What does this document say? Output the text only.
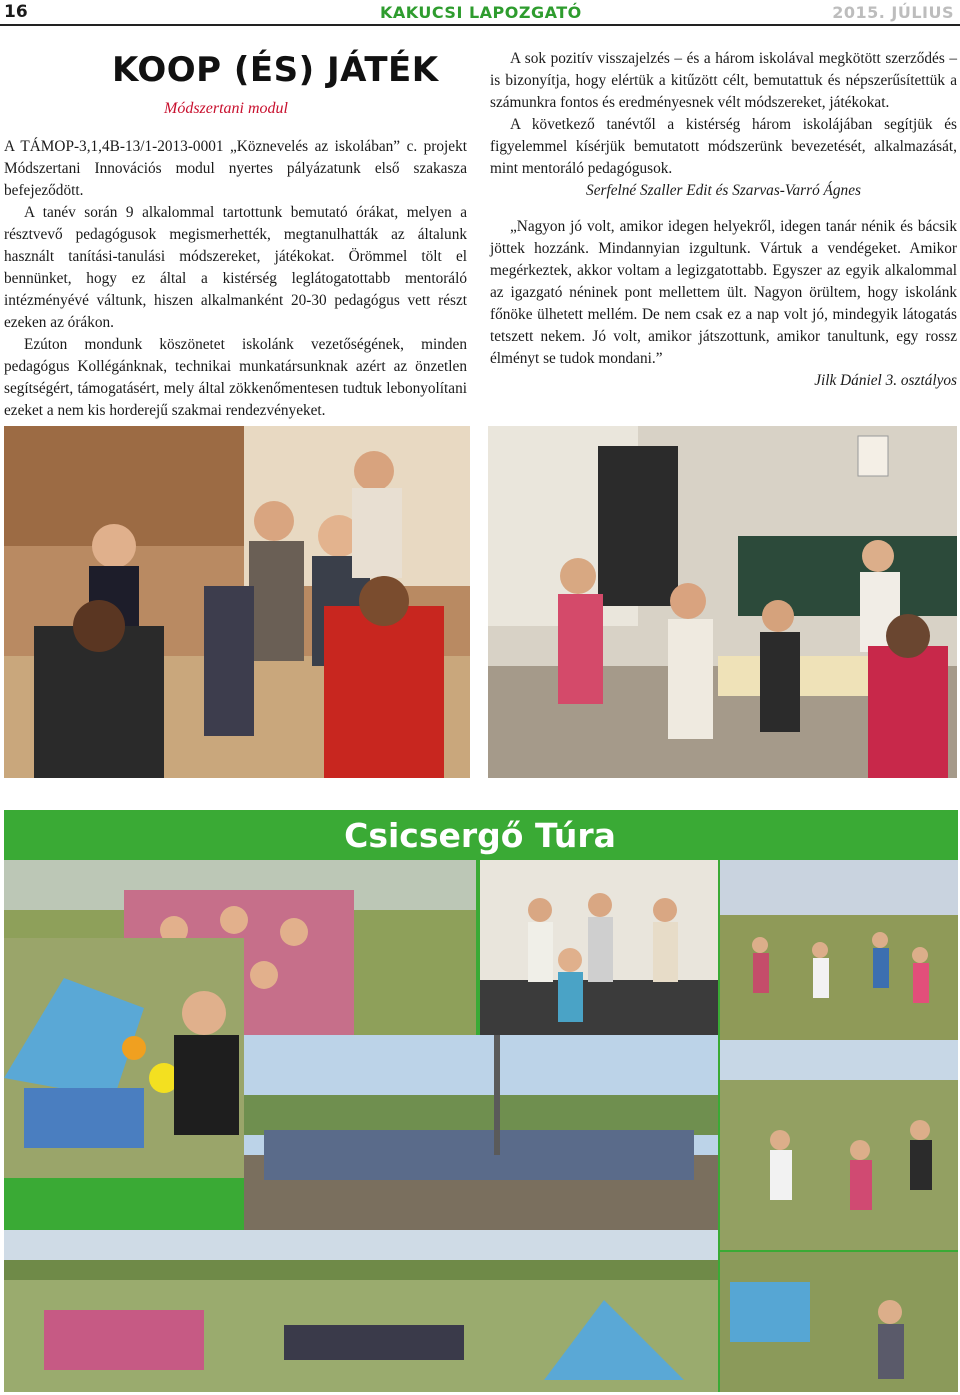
16	KAKUCSI LAPOZGATÓ	2015. JÚLIUS
KOOP (ÉS) JÁTÉK
Módszertani modul

A TÁMOP-3,1,4B-13/1-2013-0001 „Köznevelés az iskolában” c. projekt Módszertani Innovációs modul nyertes pályázatunk első szakasza befejeződött.

A tanév során 9 alkalommal tartottunk bemutató órákat, melyen a résztvevő pedagógusok megismerhették, megtanulhatták az általunk használt tanítási-tanulási módszereket, játékokat. Örömmel tölt el bennünket, hogy ez által a kistérség leglátogatottabb mentoráló intézményévé váltunk, hiszen alkalmanként 20-30 pedagógus vett részt ezeken az órákon.

Ezúton mondunk köszönetet iskolánk vezetőségének, minden pedagógus Kollégánknak, technikai munkatársunknak azért az önzetlen segítségért, támogatásért, mely által zökkenőmentesen tudtuk lebonyolítani ezeket a nem kis horderejű szakmai rendezvényeket.

A sok pozitív visszajelzés – és a három iskolával megkötött szerződés – is bizonyítja, hogy elértük a kitűzött célt, bemutattuk és népszerűsítettük a számunkra fontos és eredményesnek vélt módszereket, játékokat.

A következő tanévtől a kistérség három iskolájában segítjük és figyelemmel kísérjük bemutatott módszerünk bevezetését, alkalmazását, mint mentoráló pedagógusok.

Serfelné Szaller Edit és Szarvas-Varró Ágnes

„Nagyon jó volt, amikor idegen helyekről, idegen tanár nénik és bácsik jöttek hozzánk. Mindannyian izgultunk. Vártuk a vendégeket. Amikor megérkeztek, akkor voltam a legizgatottabb. Egyszer az egyik alkalommal az igazgató néninek pont mellettem ült. Nagyon örültem, hogy iskolánk főnöke ülhetett mellém. De nem csak ez a nap volt jó, mindegyik látogatás tetszett nekem. Jó volt, amikor játszottunk, amikor tanultunk, egy rossz élményt se tudok mondani.”

Jilk Dániel 3. osztályos

Csicsergő Túra
